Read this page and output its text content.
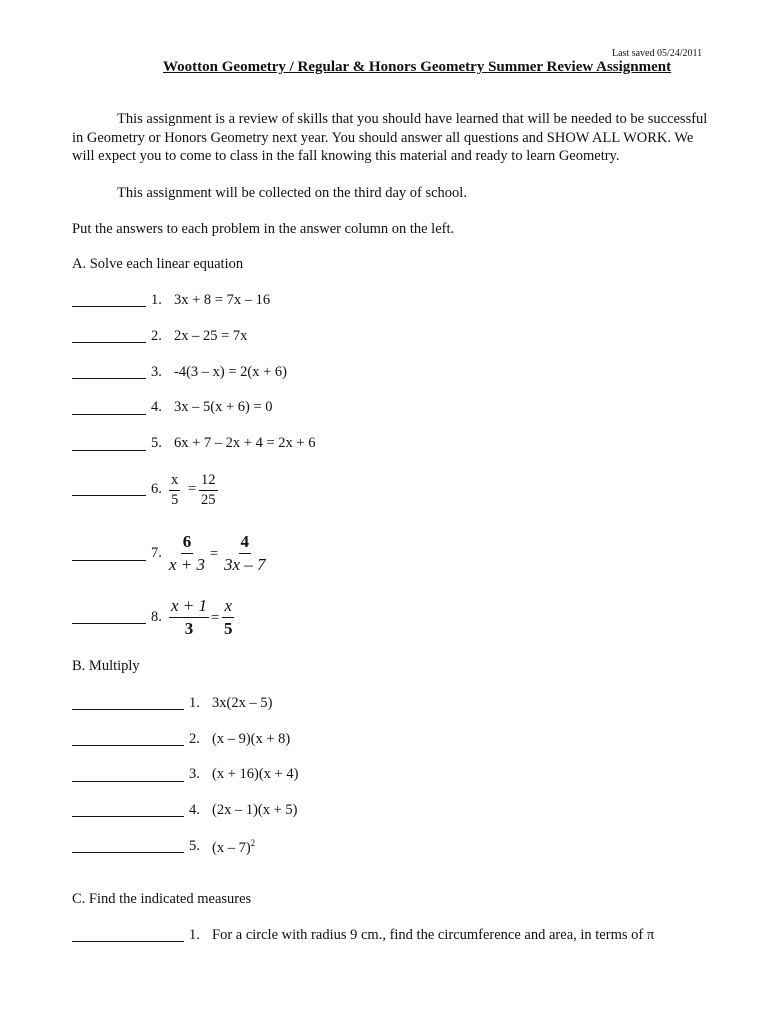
Last saved 05/24/2011
Wootton Geometry / Regular & Honors Geometry Summer Review Assignment
This assignment is a review of skills that you should have learned that will be needed to be successful in Geometry or Honors Geometry next year. You should answer all questions and SHOW ALL WORK. We will expect you to come to class in the fall knowing this material and ready to learn Geometry.
This assignment will be collected on the third day of school.
Put the answers to each problem in the answer column on the left.
A. Solve each linear equation
1. 3x + 8 = 7x – 16
2. 2x – 25 = 7x
3. -4(3 – x) = 2(x + 6)
4. 3x – 5(x + 6) = 0
5. 6x + 7 – 2x + 4 = 2x + 6
6. $\frac{x}{5} = \frac{12}{25}$
7. $\frac{6}{x + 3} = \frac{4}{3x - 7}$
8. $\frac{x + 1}{3} = \frac{x}{5}$
B. Multiply
1. 3x(2x – 5)
2. (x – 9)(x + 8)
3. (x + 16)(x + 4)
4. (2x – 1)(x + 5)
5. (x – 7)$^2$
C. Find the indicated measures
1. For a circle with radius 9 cm., find the circumference and area, in terms of π
